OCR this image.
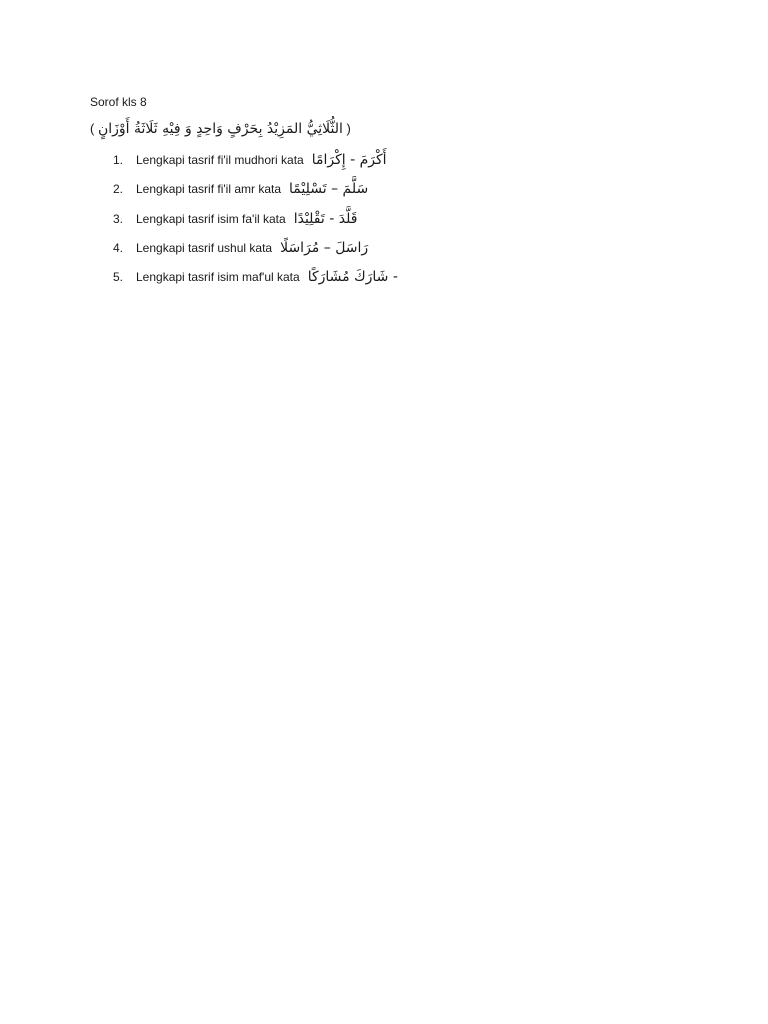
Sorof kls 8
( الثُّلَاثِيُّ المَزِيْدُ بِحَرْفٍ وَاحِدٍ وَ فِيْهِ ثَلَاثَةُ أَوْزَانٍ )
1. Lengkapi tasrif fi'il mudhori kata أَكْرَمَ - إِكْرَامًا
2. Lengkapi tasrif fi'il amr kata سَلَّمَ – تَسْلِيْمًا
3. Lengkapi tasrif isim fa'il kata قَلَّدَ - تَقْلِيْدًا
4. Lengkapi tasrif ushul kata رَاسَلَ – مُرَاسَلًا
5. Lengkapi tasrif isim maf'ul kata - شَارَكَ مُشَارَكًا
